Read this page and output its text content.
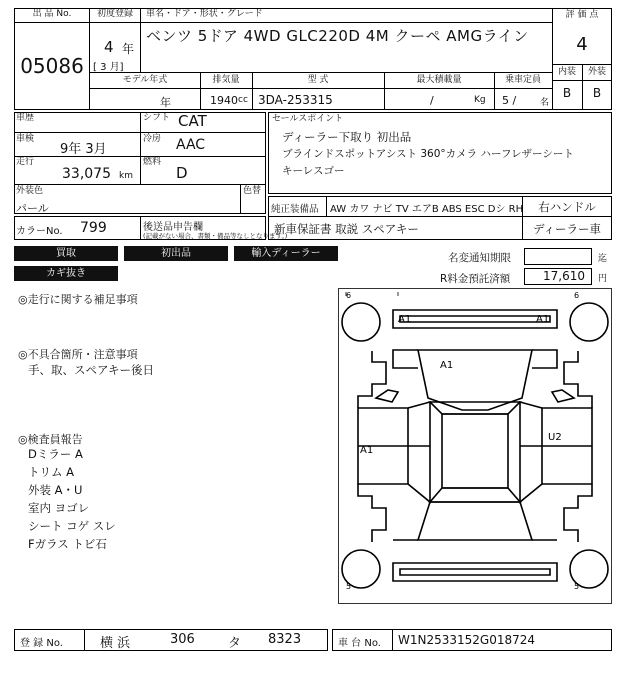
出 品 No.
05086
初度登録
4 年
[ 3 月]
車名・ドア・形状・グレード
ベンツ 5ドア 4WD GLC220D 4M クーペ AMGライン
評 価 点
4
内装	外装
B	B
モデル年式
年
排気量
1940 cc
型 式
3DA-253315
最大積載量
/	Kg
乗車定員
5 /	名
車歴
車検
9年 3月
走行
33,075 km
シフト CAT
冷房 AAC
燃料
D
外装色
パール
色替
カラーNo. 799	後送品申告欄
(記載がない場合、書類・備品等なしとなります。)
セールスポイント
ディーラー下取り 初出品
ブラインドスポットアシスト 360°カメラ ハーフレザーシート
キーレスゴー
純正装備品 AW カワ ナビ TV エアB ABS ESC Dシ RH	右ハンドル
新車保証書 取説 スペアキー	ディーラー車
買取	初出品	輸入ディーラー
カギ抜き
名変通知期限	迄
R料金預託済額	17,610	円
◎走行に関する補足事項
◎不具合箇所・注意事項
手、取、スペアキー後日
◎検査員報告
Dミラー A
トリム A
外装 A・U
室内 ヨゴレ
シート コゲ スレ
Fガラス トビ石
6	6
5	5
A1	A1
A1
A1
U2
登 録 No.	横 浜	306	タ 8323	車 台 No. W1N2533152G018724
